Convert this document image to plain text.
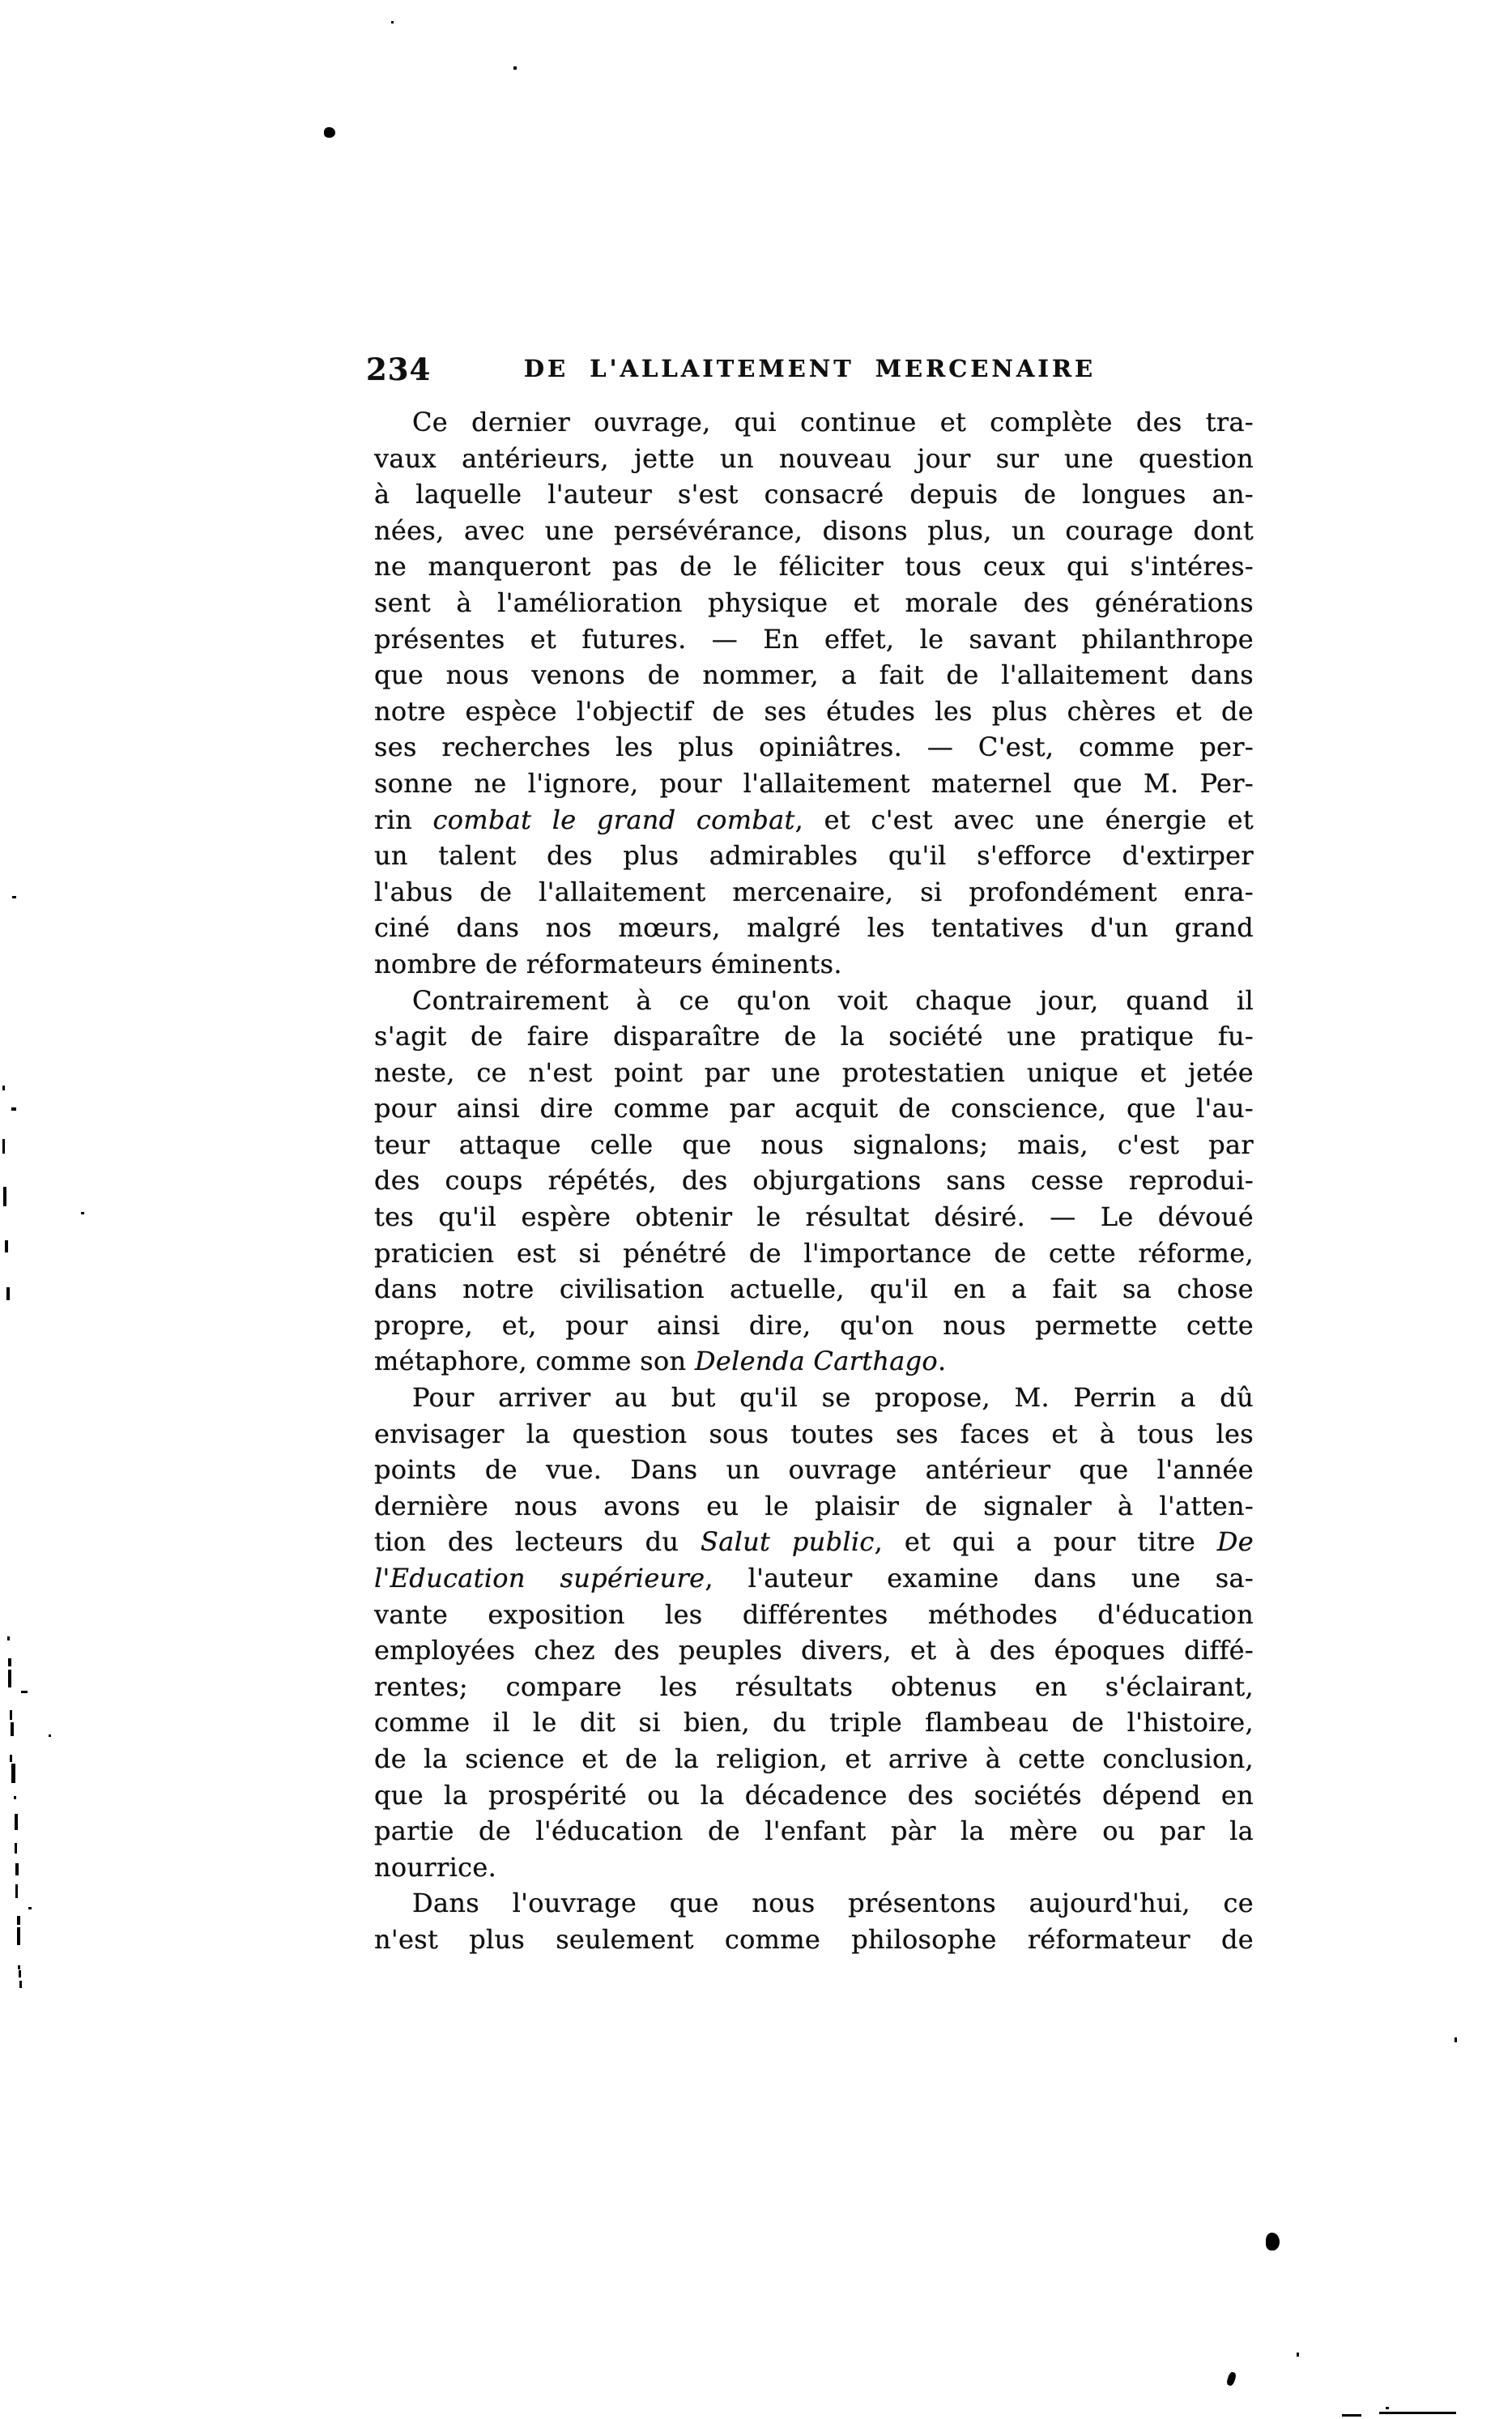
234	DE L'ALLAITEMENT MERCENAIRE
Ce dernier ouvrage, qui continue et complète des tra-
vaux antérieurs, jette un nouveau jour sur une question
à laquelle l'auteur s'est consacré depuis de longues an-
nées, avec une persévérance, disons plus, un courage dont
ne manqueront pas de le féliciter tous ceux qui s'intéres-
sent à l'amélioration physique et morale des générations
présentes et futures. — En effet, le savant philanthrope
que nous venons de nommer, a fait de l'allaitement dans
notre espèce l'objectif de ses études les plus chères et de
ses recherches les plus opiniâtres. — C'est, comme per-
sonne ne l'ignore, pour l'allaitement maternel que M. Per-
rin combat le grand combat, et c'est avec une énergie et
un talent des plus admirables qu'il s'efforce d'extirper
l'abus de l'allaitement mercenaire, si profondément enra-
ciné dans nos mœurs, malgré les tentatives d'un grand
nombre de réformateurs éminents.
Contrairement à ce qu'on voit chaque jour, quand il
s'agit de faire disparaître de la société une pratique fu-
neste, ce n'est point par une protestatien unique et jetée
pour ainsi dire comme par acquit de conscience, que l'au-
teur attaque celle que nous signalons; mais, c'est par
des coups répétés, des objurgations sans cesse reprodui-
tes qu'il espère obtenir le résultat désiré. — Le dévoué
praticien est si pénétré de l'importance de cette réforme,
dans notre civilisation actuelle, qu'il en a fait sa chose
propre, et, pour ainsi dire, qu'on nous permette cette
métaphore, comme son Delenda Carthago.
Pour arriver au but qu'il se propose, M. Perrin a dû
envisager la question sous toutes ses faces et à tous les
points de vue. Dans un ouvrage antérieur que l'année
dernière nous avons eu le plaisir de signaler à l'atten-
tion des lecteurs du Salut public, et qui a pour titre De
l'Education supérieure, l'auteur examine dans une sa-
vante exposition les différentes méthodes d'éducation
employées chez des peuples divers, et à des époques diffé-
rentes; compare les résultats obtenus en s'éclairant,
comme il le dit si bien, du triple flambeau de l'histoire,
de la science et de la religion, et arrive à cette conclusion,
que la prospérité ou la décadence des sociétés dépend en
partie de l'éducation de l'enfant pàr la mère ou par la
nourrice.
Dans l'ouvrage que nous présentons aujourd'hui, ce
n'est plus seulement comme philosophe réformateur de
